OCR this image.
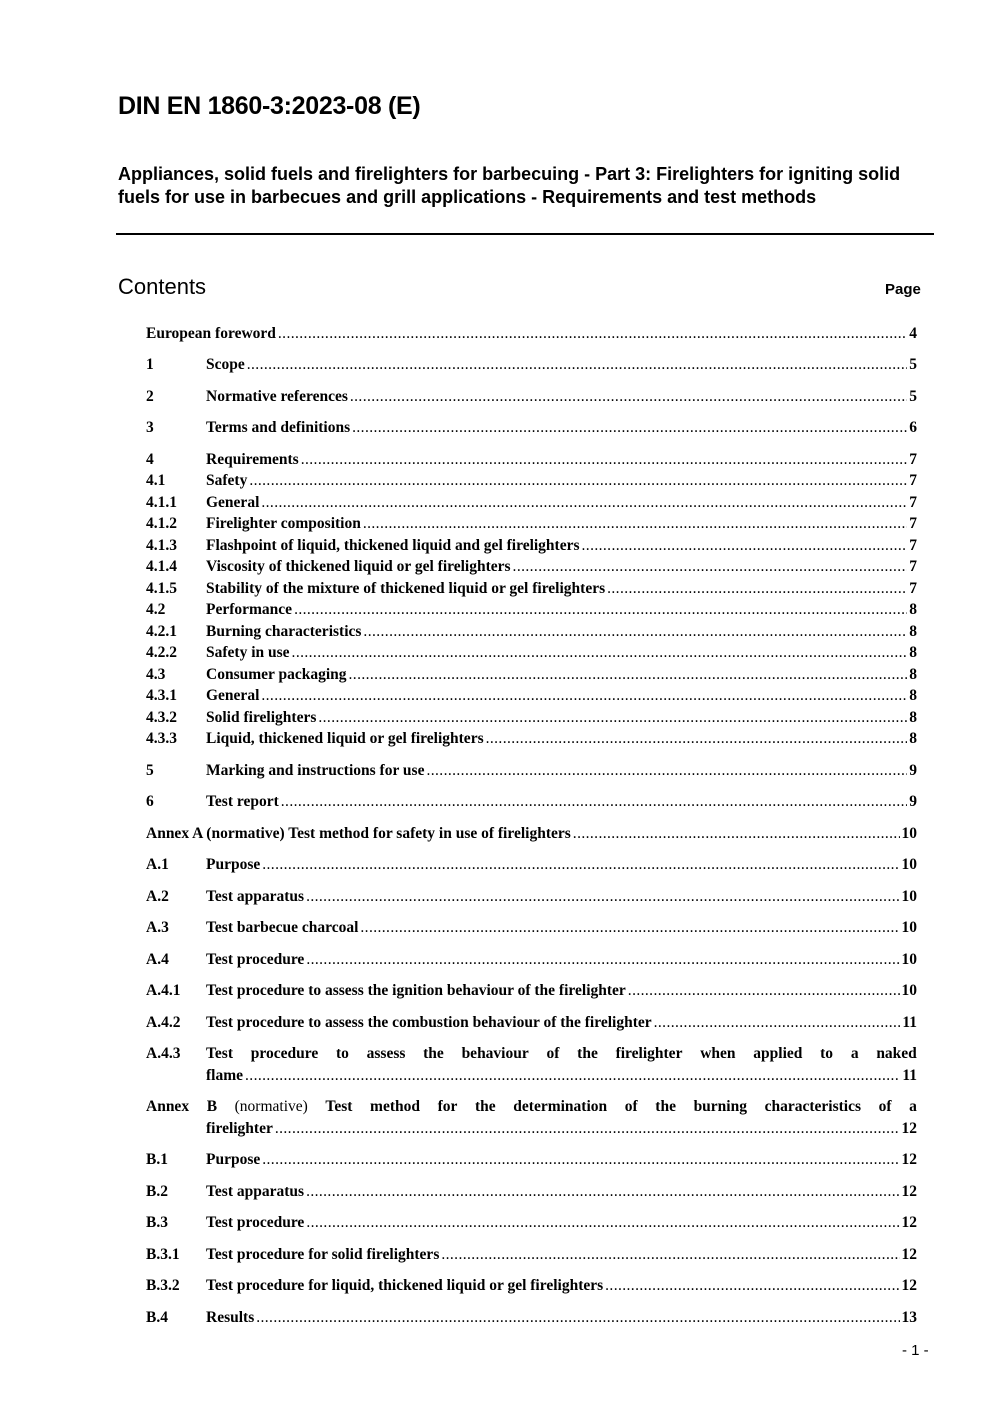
DIN EN 1860-3:2023-08 (E)
Appliances, solid fuels and firelighters for barbecuing - Part 3: Firelighters for igniting solid fuels for use in barbecues and grill applications - Requirements and test methods
Contents	Page
European foreword .....	4
1	Scope .....	5
2	Normative references .....	5
3	Terms and definitions .....	6
4	Requirements .....	7
4.1	Safety .....	7
4.1.1 General .....	7
4.1.2 Firelighter composition .....	7
4.1.3 Flashpoint of liquid, thickened liquid and gel firelighters .....	7
4.1.4 Viscosity of thickened liquid or gel firelighters .....	7
4.1.5 Stability of the mixture of thickened liquid or gel firelighters .....	7
4.2	Performance .....	8
4.2.1 Burning characteristics .....	8
4.2.2 Safety in use .....	8
4.3	Consumer packaging .....	8
4.3.1 General .....	8
4.3.2 Solid firelighters .....	8
4.3.3 Liquid, thickened liquid or gel firelighters .....	8
5	Marking and instructions for use .....	9
6	Test report .....	9
Annex A (normative) Test method for safety in use of firelighters .....	10
A.1 Purpose .....	10
A.2 Test apparatus .....	10
A.3 Test barbecue charcoal .....	10
A.4 Test procedure .....	10
A.4.1 Test procedure to assess the ignition behaviour of the firelighter .....	10
A.4.2 Test procedure to assess the combustion behaviour of the firelighter .....	11
A.4.3 Test procedure to assess the behaviour of the firelighter when applied to a naked
flame .....	11
Annex B (normative) Test method for the determination of the burning characteristics of a
firelighter .....	12
B.1 Purpose .....	12
B.2 Test apparatus .....	12
B.3 Test procedure .....	12
B.3.1 Test procedure for solid firelighters .....	12
B.3.2 Test procedure for liquid, thickened liquid or gel firelighters .....	12
B.4 Results .....	13
- 1 -
